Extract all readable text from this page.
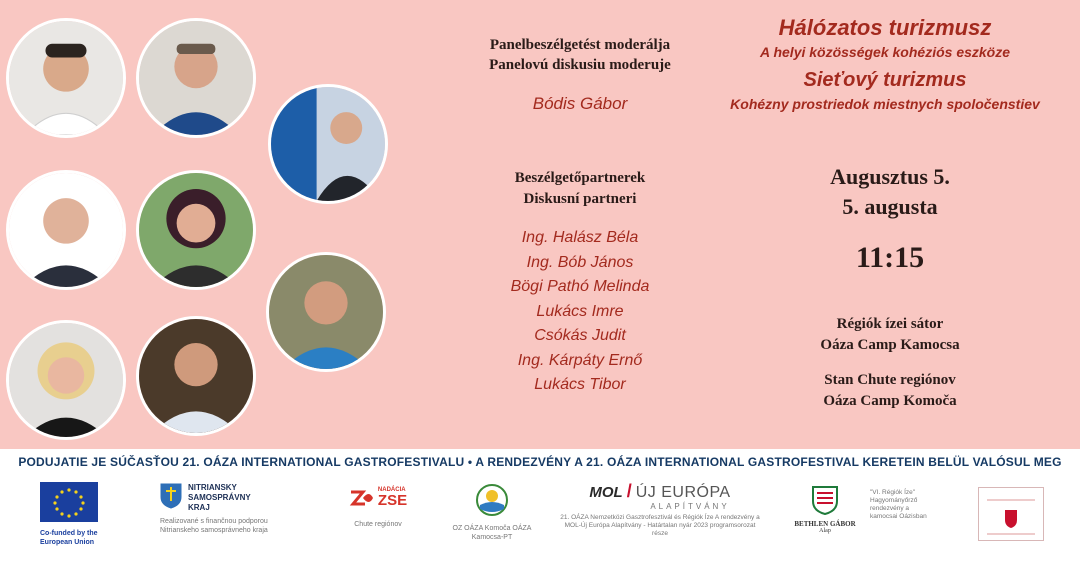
Panelbeszélgetést moderálja
Panelovú diskusiu moderuje
Bódis Gábor
Beszélgetőpartnerek
Diskusní partneri
Ing. Halász Béla
Ing. Bób János
Bögi Pathó Melinda
Lukács Imre
Csókás Judit
Ing. Kárpáty Ernő
Lukács Tibor
Hálózatos turizmusz
A helyi közösségek kohéziós eszköze
Sieťový turizmus
Kohézny prostriedok miestnych spoločenstiev
Augusztus 5.
5. augusta
11:15
Régiók ízei sátor
Oáza Camp Kamocsa
Stan Chute regiónov
Oáza Camp Komoča
PODUJATIE JE SÚČASŤOU 21. OÁZA INTERNATIONAL GASTROFESTIVALU • A RENDEZVÉNY A 21. OÁZA INTERNATIONAL GASTROFESTIVAL KERETEIN BELÜL VALÓSUL MEG
Co-funded by the European Union
NITRIANSKY
SAMOSPRÁVNY
KRAJ
Realizované s finančnou podporou Nitrianskeho samosprávneho kraja
NADÁCIA
ZSE
Chute regiónov
OZ OÁZA Komoča OÁZA Kamocsa-PT
MOL / ÚJ EURÓPA
ALAPÍTVÁNY
21. OÁZA Nemzetközi Gasztrofesztivál és Régiók Íze A rendezvény a MOL-Új Európa Alapítvány - Határtalan nyár 2023 programsorozat része
BETHLEN GÁBOR
Alap
"VI. Régiók Íze" Hagyományőrző rendezvény a kamocsai Oázisban
